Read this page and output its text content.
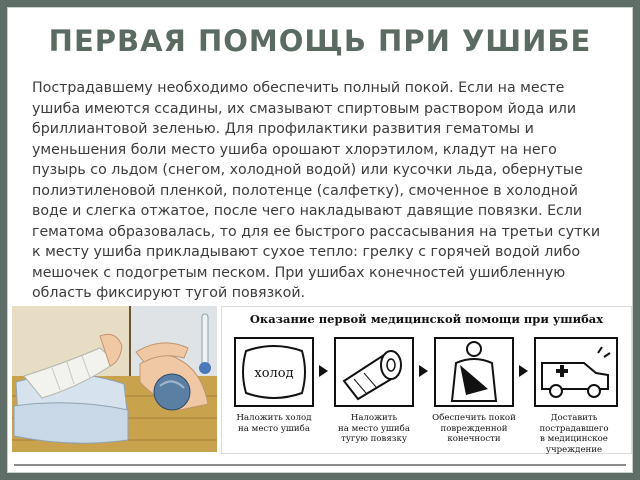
ПЕРВАЯ ПОМОЩЬ ПРИ УШИБЕ
Пострадавшему необходимо обеспечить полный покой. Если на месте ушиба имеются ссадины, их смазывают спиртовым раствором йода или бриллиантовой зеленью. Для профилактики развития гематомы и уменьшения боли место ушиба орошают хлорэтилом, кладут на него пузырь со льдом (снегом, холодной водой) или кусочки льда, обернутые полиэтиленовой пленкой, полотенце (салфетку), смоченное в холодной воде и слегка отжатое, после чего накладывают давящие повязки. Если гематома образовалась, то для ее быстрого рассасывания на третьи сутки к месту ушиба прикладывают сухое тепло: грелку с горячей водой либо мешочек с подогретым песком. При ушибах конечностей ушибленную область фиксируют тугой повязкой.
Оказание первой медицинской помощи при ушибах
холод
Наложить холод
на место ушиба
Наложить
на место ушиба
тугую повязку
Обеспечить покой
поврежденной
конечности
Доставить
пострадавшего
в медицинское учреждение
